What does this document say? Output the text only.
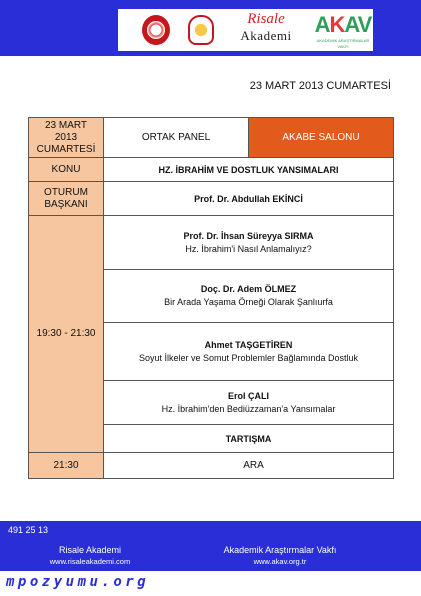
Risale
Akademi	AKAV
AKADEMİK ARAŞTIRMALAR VAKFI
23 MART 2013 CUMARTESİ
23 MART
2013
CUMARTESİ	ORTAK PANEL	AKABE SALONU
KONU	HZ. İBRAHİM VE DOSTLUK YANSIMALARI	

OTURUM
BAŞKANI	Prof. Dr. Abdullah EKİNCİ	
19:30 - 21:30	Prof. Dr. İhsan Süreyya SIRMA
Hz. İbrahim'i Nasıl Anlamalıyız?	

	Doç. Dr. Adem ÖLMEZ
Bir Arada Yaşama Örneği Olarak Şanlıurfa	

	Ahmet TAŞGETİREN
Soyut İlkeler ve Somut Problemler Bağlamında Dostluk	

	Erol ÇALI
Hz. İbrahim'den Bediüzzaman'a Yansımalar	

	TARTIŞMA	
21:30	ARA	
491 25 13
Risale Akademi
www.risaleakademi.com
Akademik Araştırmalar Vakfı
www.akav.org.tr
mpozyumu.org
